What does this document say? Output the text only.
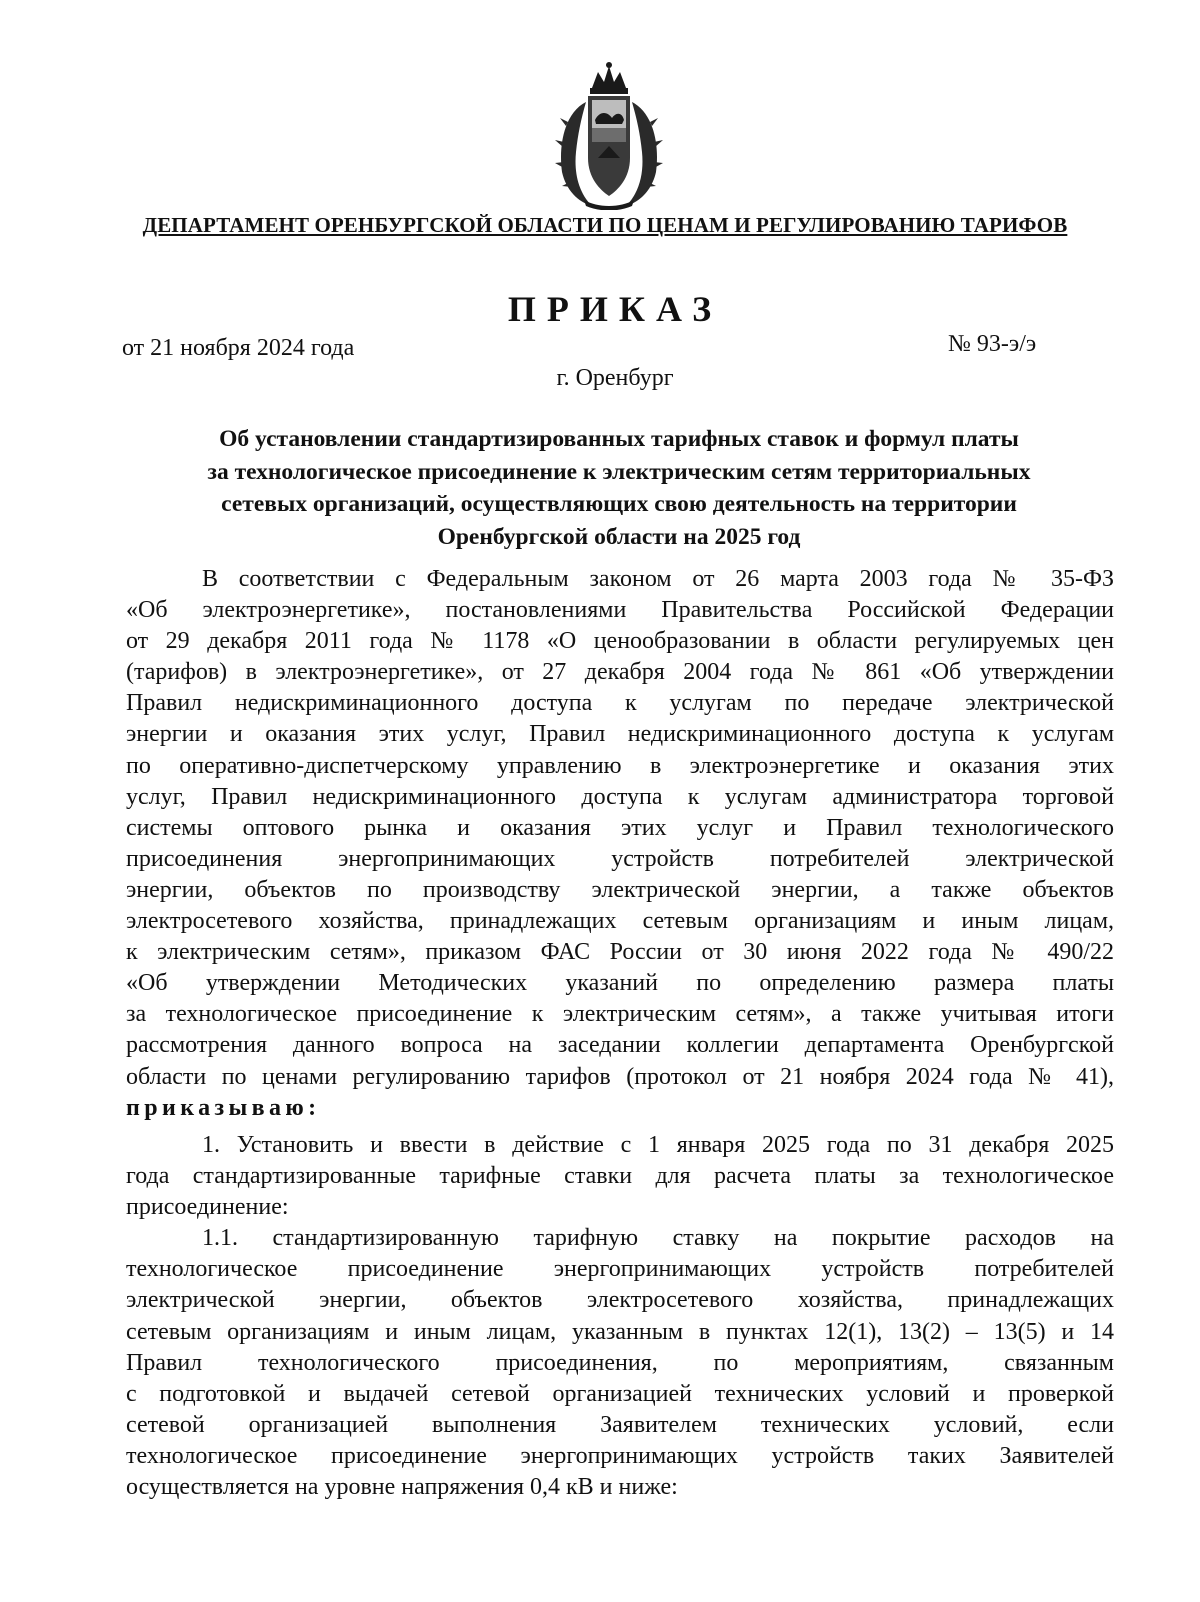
ДЕПАРТАМЕНТ ОРЕНБУРГСКОЙ ОБЛАСТИ ПО ЦЕНАМ И РЕГУЛИРОВАНИЮ ТАРИФОВ
ПРИКАЗ
от 21 ноября 2024 года	№ 93-э/э
г. Оренбург
Об установлении стандартизированных тарифных ставок и формул платы
за технологическое присоединение к электрическим сетям территориальных
сетевых организаций, осуществляющих свою деятельность на территории
Оренбургской области на 2025 год
В соответствии с Федеральным законом от 26 марта 2003 года № 35-ФЗ
«Об электроэнергетике», постановлениями Правительства Российской Федерации
от 29 декабря 2011 года № 1178 «О ценообразовании в области регулируемых цен
(тарифов) в электроэнергетике», от 27 декабря 2004 года № 861 «Об утверждении
Правил недискриминационного доступа к услугам по передаче электрической
энергии и оказания этих услуг, Правил недискриминационного доступа к услугам
по оперативно-диспетчерскому управлению в электроэнергетике и оказания этих
услуг, Правил недискриминационного доступа к услугам администратора торговой
системы оптового рынка и оказания этих услуг и Правил технологического
присоединения энергопринимающих устройств потребителей электрической
энергии, объектов по производству электрической энергии, а также объектов
электросетевого хозяйства, принадлежащих сетевым организациям и иным лицам,
к электрическим сетям», приказом ФАС России от 30 июня 2022 года № 490/22
«Об утверждении Методических указаний по определению размера платы
за технологическое присоединение к электрическим сетям», а также учитывая итоги
рассмотрения данного вопроса на заседании коллегии департамента Оренбургской
области по ценами регулированию тарифов (протокол от 21 ноября 2024 года № 41),
приказываю:
1. Установить и ввести в действие с 1 января 2025 года по 31 декабря 2025
года стандартизированные тарифные ставки для расчета платы за технологическое
присоединение:
1.1. стандартизированную тарифную ставку на покрытие расходов на
технологическое присоединение энергопринимающих устройств потребителей
электрической энергии, объектов электросетевого хозяйства, принадлежащих
сетевым организациям и иным лицам, указанным в пунктах 12(1), 13(2) – 13(5) и 14
Правил технологического присоединения, по мероприятиям, связанным
с подготовкой и выдачей сетевой организацией технических условий и проверкой
сетевой организацией выполнения Заявителем технических условий, если
технологическое присоединение энергопринимающих устройств таких Заявителей
осуществляется на уровне напряжения 0,4 кВ и ниже:
